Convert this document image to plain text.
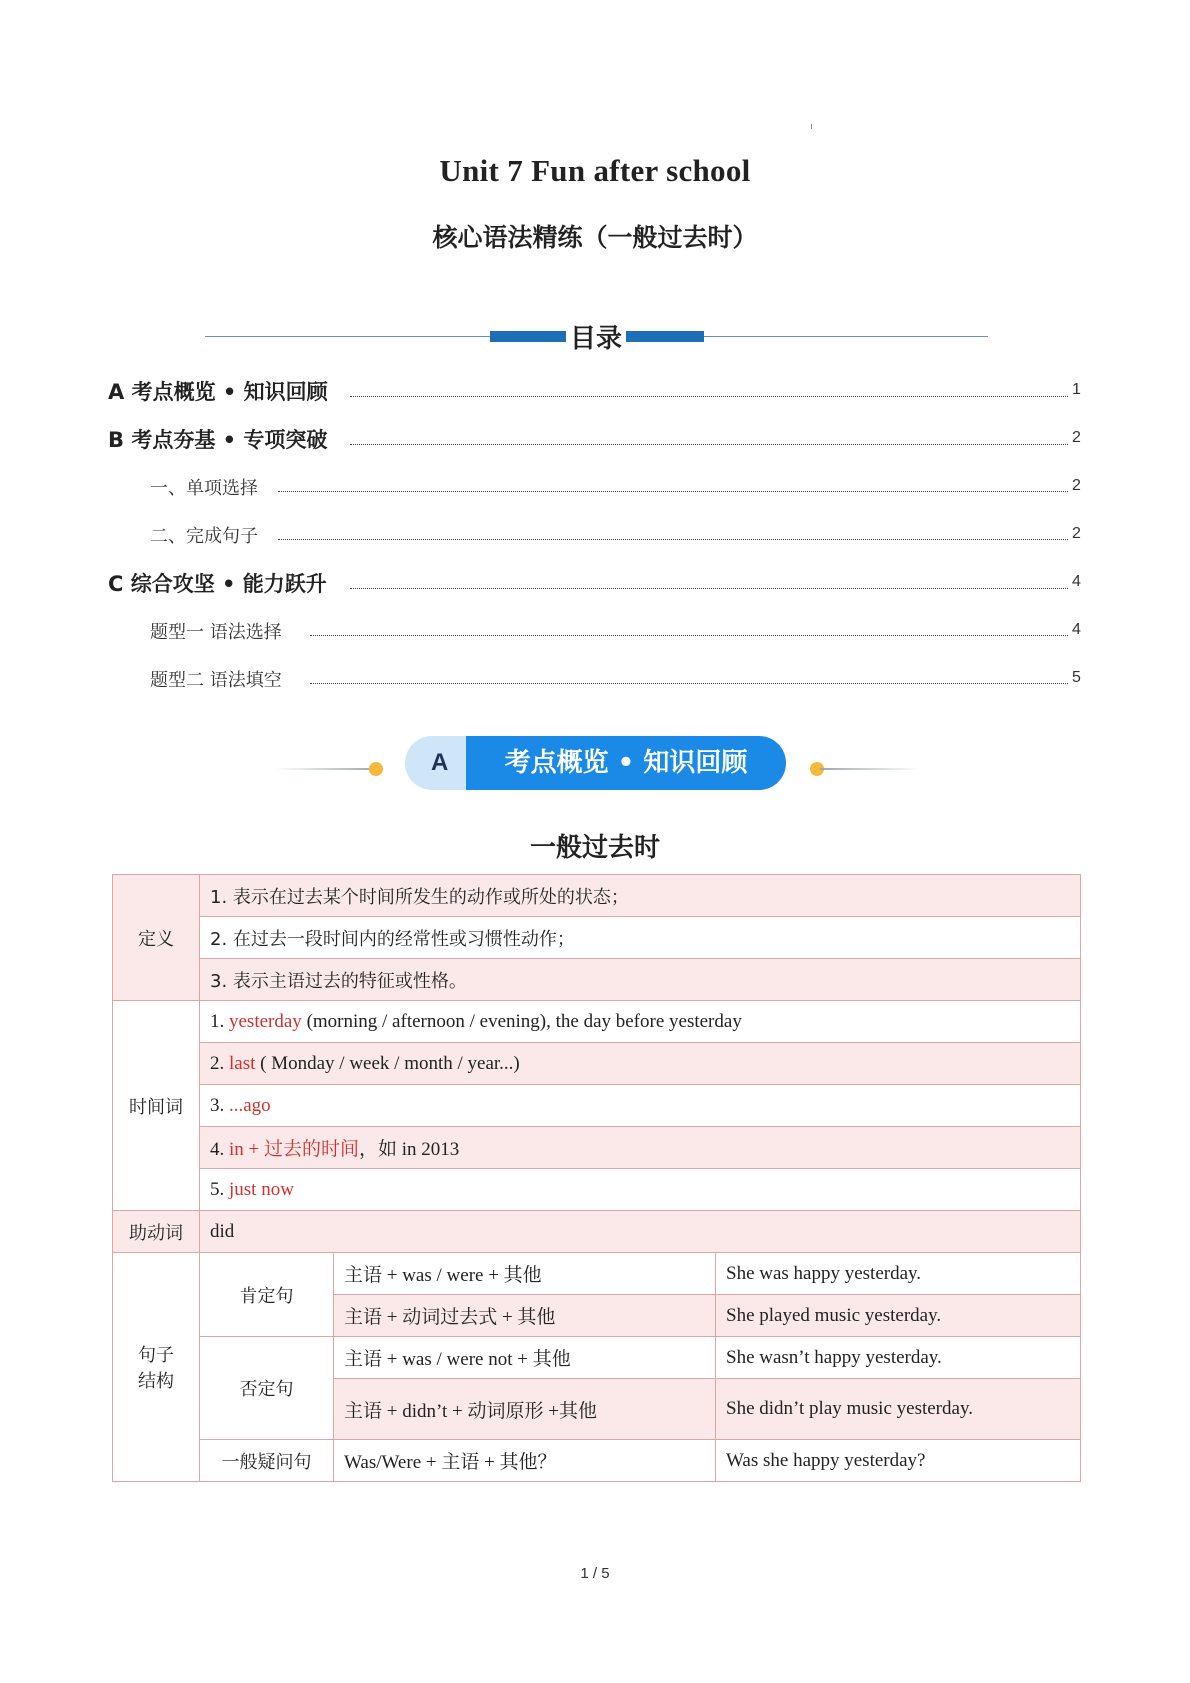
Unit 7 Fun after school
核心语法精练（一般过去时）
目录
A 考点概览 • 知识回顾	1
B 考点夯基 • 专项突破	2
一、单项选择	2
二、完成句子	2
C 综合攻坚 • 能力跃升	4
题型一 语法选择	4
题型二 语法填空	5
A	考点概览 • 知识回顾
一般过去时
定义	1. 表示在过去某个时间所发生的动作或所处的状态；		
	2. 在过去一段时间内的经常性或习惯性动作；		
	3. 表示主语过去的特征或性格。		
时间词	1. yesterday (morning / afternoon / evening), the day before yesterday		
	2. last ( Monday / week / month / year...)		
	3. ...ago		
	4. in + 过去的时间，如 in 2013		
	5. just now		
助动词	did		
句子
结构	肯定句	主语 + was / were + 其他	She was happy yesterday.
		主语 + 动词过去式 + 其他	She played music yesterday.
	否定句	主语 + was / were not + 其他	She wasn’t happy yesterday.
		主语 + didn’t + 动词原形 +其他	She didn’t play music yesterday.
	一般疑问句	Was/Were + 主语 + 其他？	Was she happy yesterday?
1 / 5
